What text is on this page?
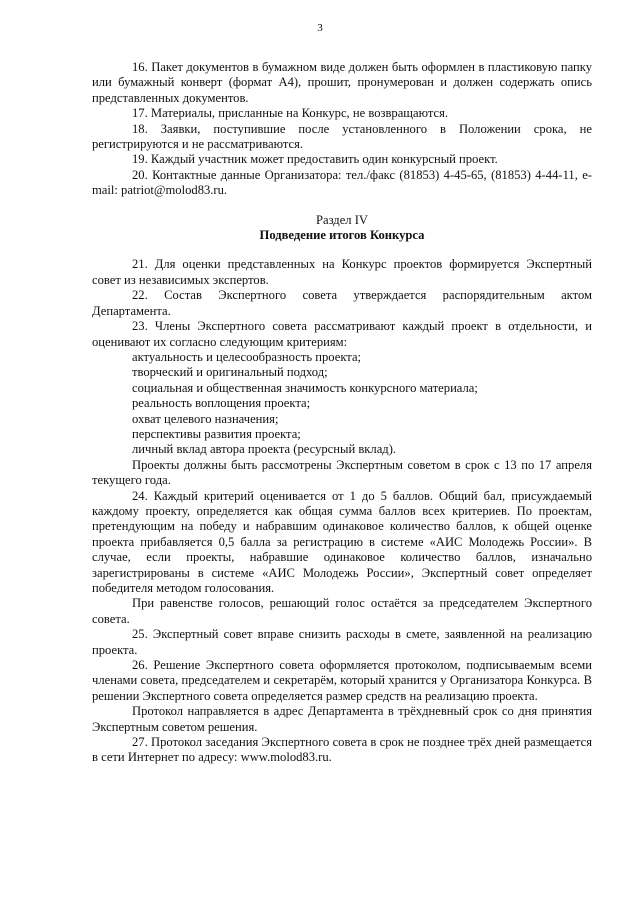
3

16. Пакет документов в бумажном виде должен быть оформлен в пластиковую папку или бумажный конверт (формат А4), прошит, пронумерован и должен содержать опись представленных документов.

17. Материалы, присланные на Конкурс, не возвращаются.

18. Заявки, поступившие после установленного в Положении срока, не регистрируются и не рассматриваются.

19. Каждый участник может предоставить один конкурсный проект.

20. Контактные данные Организатора: тел./факс (81853) 4-45-65, (81853) 4-44-11, e-mail: patriot@molod83.ru.

Раздел IV

Подведение итогов Конкурса

21. Для оценки представленных на Конкурс проектов формируется Экспертный совет из независимых экспертов.

22. Состав Экспертного совета утверждается распорядительным актом Департамента.

23. Члены Экспертного совета рассматривают каждый проект в отдельности, и оценивают их согласно следующим критериям:

актуальность и целесообразность проекта;
творческий и оригинальный подход;
социальная и общественная значимость конкурсного материала;
реальность воплощения проекта;
охват целевого назначения;
перспективы развития проекта;
личный вклад автора проекта (ресурсный вклад).

Проекты должны быть рассмотрены Экспертным советом в срок с 13 по 17 апреля текущего года.

24. Каждый критерий оценивается от 1 до 5 баллов. Общий бал, присуждаемый каждому проекту, определяется как общая сумма баллов всех критериев. По проектам, претендующим на победу и набравшим одинаковое количество баллов, к общей оценке проекта прибавляется 0,5 балла за регистрацию в системе «АИС Молодежь России». В случае, если проекты, набравшие одинаковое количество баллов, изначально зарегистрированы в системе «АИС Молодежь России», Экспертный совет определяет победителя методом голосования.

При равенстве голосов, решающий голос остаётся за председателем Экспертного совета.

25. Экспертный совет вправе снизить расходы в смете, заявленной на реализацию проекта.

26. Решение Экспертного совета оформляется протоколом, подписываемым всеми членами совета, председателем и секретарём, который хранится у Организатора Конкурса. В решении Экспертного совета определяется размер средств на реализацию проекта.

Протокол направляется в адрес Департамента в трёхдневный срок со дня принятия Экспертным советом решения.

27. Протокол заседания Экспертного совета в срок не позднее трёх дней размещается в сети Интернет по адресу: www.molod83.ru.
